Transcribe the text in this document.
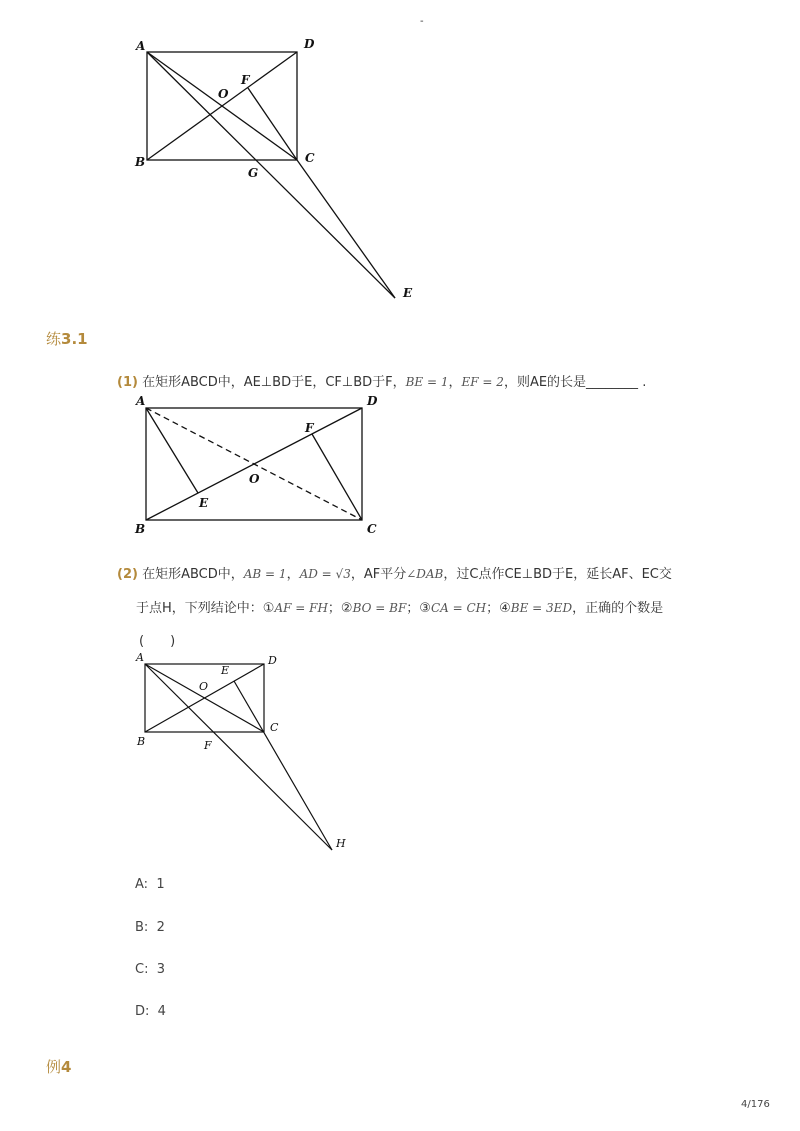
-
A	D
B	C
O
F
G
E
练3.1
(1) 在矩形ABCD中，AE⊥BD于E，CF⊥BD于F，BE = 1，EF = 2，则AE的长是________ .
A	D
B	C
O
E
F
(2) 在矩形ABCD中，AB = 1，AD = √3，AF平分∠DAB，过C点作CE⊥BD于E，延长AF、EC交
于点H，下列结论中：①AF = FH；②BO = BF；③CA = CH；④BE = 3ED，正确的个数是
(　　)
A	D
B
C
O
E
F
H
A: 1
B: 2
C: 3
D: 4
例4
4/176
